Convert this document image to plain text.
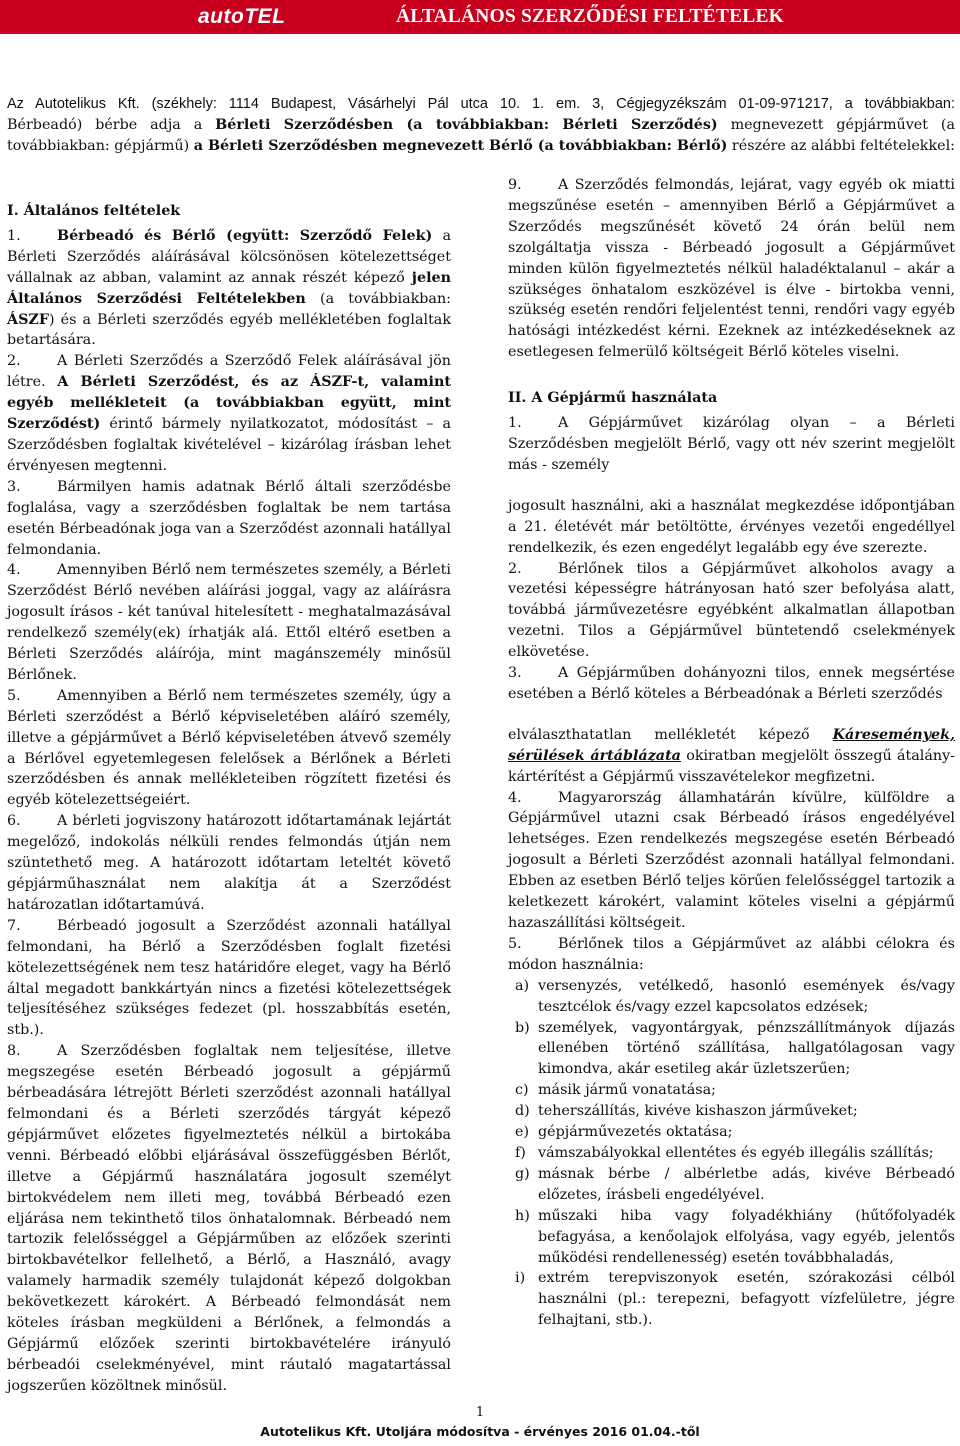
autoTEL	ÁLTALÁNOS SZERZŐDÉSI FELTÉTELEK
Az Autotelikus Kft. (székhely: 1114 Budapest, Vásárhelyi Pál utca 10. 1. em. 3, Cégjegyzékszám 01-09-971217, a továbbiakban:
Bérbeadó) bérbe adja a Bérleti Szerződésben (a továbbiakban: Bérleti Szerződés) megnevezett gépjárművet (a továbbiakban: gépjármű) a Bérleti Szerződésben megnevezett Bérlő (a továbbiakban: Bérlő) részére az alábbi feltételekkel:

I. Általános feltételek

1.	Bérbeadó és Bérlő (együtt: Szerződő Felek) a Bérleti Szerződés aláírásával kölcsönösen kötelezettséget vállalnak az abban, valamint az annak részét képező jelen Általános Szerződési Feltételekben (a továbbiakban: ÁSZF) és a Bérleti szerződés egyéb mellékletében foglaltak betartására.

2.	A Bérleti Szerződés a Szerződő Felek aláírásával jön létre. A Bérleti Szerződést, és az ÁSZF-t, valamint egyéb mellékleteit (a továbbiakban együtt, mint Szerződést) érintő bármely nyilatkozatot, módosítást – a Szerződésben foglaltak kivételével – kizárólag írásban lehet érvényesen megtenni.

3.	Bármilyen hamis adatnak Bérlő általi szerződésbe foglalása, vagy a szerződésben foglaltak be nem tartása esetén Bérbeadónak joga van a Szerződést azonnali hatállyal felmondania.

4.	Amennyiben Bérlő nem természetes személy, a Bérleti Szerződést Bérlő nevében aláírási joggal, vagy az aláírásra jogosult írásos - két tanúval hitelesített - meghatalmazásával rendelkező személy(ek) írhatják alá. Ettől eltérő esetben a Bérleti Szerződés aláírója, mint magánszemély minősül Bérlőnek.

5.	Amennyiben a Bérlő nem természetes személy, úgy a Bérleti szerződést a Bérlő képviseletében aláíró személy, illetve a gépjárművet a Bérlő képviseletében átvevő személy a Bérlővel egyetemlegesen felelősek a Bérlőnek a Bérleti szerződésben és annak mellékleteiben rögzített fizetési és egyéb kötelezettségeiért.

6.	A bérleti jogviszony határozott időtartamának lejártát megelőző, indokolás nélküli rendes felmondás útján nem szüntethető meg. A határozott időtartam leteltét követő gépjárműhasználat nem alakítja át a Szerződést határozatlan időtartamúvá.

7.	Bérbeadó jogosult a Szerződést azonnali hatállyal felmondani, ha Bérlő a Szerződésben foglalt fizetési kötelezettségének nem tesz határidőre eleget, vagy ha Bérlő által megadott bankkártyán nincs a fizetési kötelezettségek teljesítéséhez szükséges fedezet (pl. hosszabbítás esetén, stb.).

8.	A Szerződésben foglaltak nem teljesítése, illetve megszegése esetén Bérbeadó jogosult a gépjármű bérbeadására létrejött Bérleti szerződést azonnali hatállyal felmondani és a Bérleti szerződés tárgyát képező gépjárművet előzetes figyelmeztetés nélkül a birtokába venni. Bérbeadó előbbi eljárásával összefüggésben Bérlőt, illetve a Gépjármű használatára jogosult személyt birtokvédelem nem illeti meg, továbbá Bérbeadó ezen eljárása nem tekinthető tilos önhatalomnak. Bérbeadó nem tartozik felelősséggel a Gépjárműben az előzőek szerinti birtokbavételkor fellelhető, a Bérlő, a Használó, avagy valamely harmadik személy tulajdonát képező dolgokban bekövetkezett károkért. A Bérbeadó felmondását nem köteles írásban megküldeni a Bérlőnek, a felmondás a Gépjármű előzőek szerinti birtokbavételére irányuló bérbeadói cselekményével, mint ráutaló magatartással jogszerűen közöltnek minősül.

9.	A Szerződés felmondás, lejárat, vagy egyéb ok miatti megszűnése esetén – amennyiben Bérlő a Gépjárművet a Szerződés megszűnését követő 24 órán belül nem szolgáltatja vissza - Bérbeadó jogosult a Gépjárművet minden külön figyelmeztetés nélkül haladéktalanul – akár a szükséges önhatalom eszközével is élve - birtokba venni, szükség esetén rendőri feljelentést tenni, rendőri vagy egyéb hatósági intézkedést kérni. Ezeknek az intézkedéseknek az esetlegesen felmerülő költségeit Bérlő köteles viselni.

II. A Gépjármű használata

1.	A Gépjárművet kizárólag olyan – a Bérleti Szerződésben megjelölt Bérlő, vagy ott név szerint megjelölt más - személy

jogosult használni, aki a használat megkezdése időpontjában a 21. életévét már betöltötte, érvényes vezetői engedéllyel rendelkezik, és ezen engedélyt legalább egy éve szerezte.

2.	Bérlőnek tilos a Gépjárművet alkoholos avagy a vezetési képességre hátrányosan ható szer befolyása alatt, továbbá járművezetésre egyébként alkalmatlan állapotban vezetni. Tilos a Gépjárművel büntetendő cselekmények elkövetése.

3.	A Gépjárműben dohányozni tilos, ennek megsértése esetében a Bérlő köteles a Bérbeadónak a Bérleti szerződés

elválaszthatatlan mellékletét képező Káresemények, sérülések ártáblázata okiratban megjelölt összegű átalány-kártérítést a Gépjármű visszavételekor megfizetni.

4.	Magyarország államhatárán kívülre, külföldre a Gépjárművel utazni csak Bérbeadó írásos engedélyével lehetséges. Ezen rendelkezés megszegése esetén Bérbeadó jogosult a Bérleti Szerződést azonnali hatállyal felmondani. Ebben az esetben Bérlő teljes körűen felelősséggel tartozik a keletkezett károkért, valamint köteles viselni a gépjármű hazaszállítási költségeit.

5.	Bérlőnek tilos a Gépjárművet az alábbi célokra és módon használnia:

a) versenyzés, vetélkedő, hasonló események és/vagy tesztcélok és/vagy ezzel kapcsolatos edzések;
b) személyek, vagyontárgyak, pénzszállítmányok díjazás ellenében történő szállítása, hallgatólagosan vagy kimondva, akár esetileg akár üzletszerűen;
c) másik jármű vonatatása;
d) teherszállítás, kivéve kishaszon járműveket;
e) gépjárművezetés oktatása;
f) vámszabályokkal ellentétes és egyéb illegális szállítás;
g) másnak bérbe / albérletbe adás, kivéve Bérbeadó előzetes, írásbeli engedélyével.
h) műszaki hiba vagy folyadékhiány (hűtőfolyadék befagyása, a kenőolajok elfolyása, vagy egyéb, jelentős működési rendellenesség) esetén továbbhaladás,
i) extrém terepviszonyok esetén, szórakozási célból használni (pl.: terepezni, befagyott vízfelületre, jégre felhajtani, stb.).
1
Autotelikus Kft. Utoljára módosítva - érvényes 2016 01.04.-től
